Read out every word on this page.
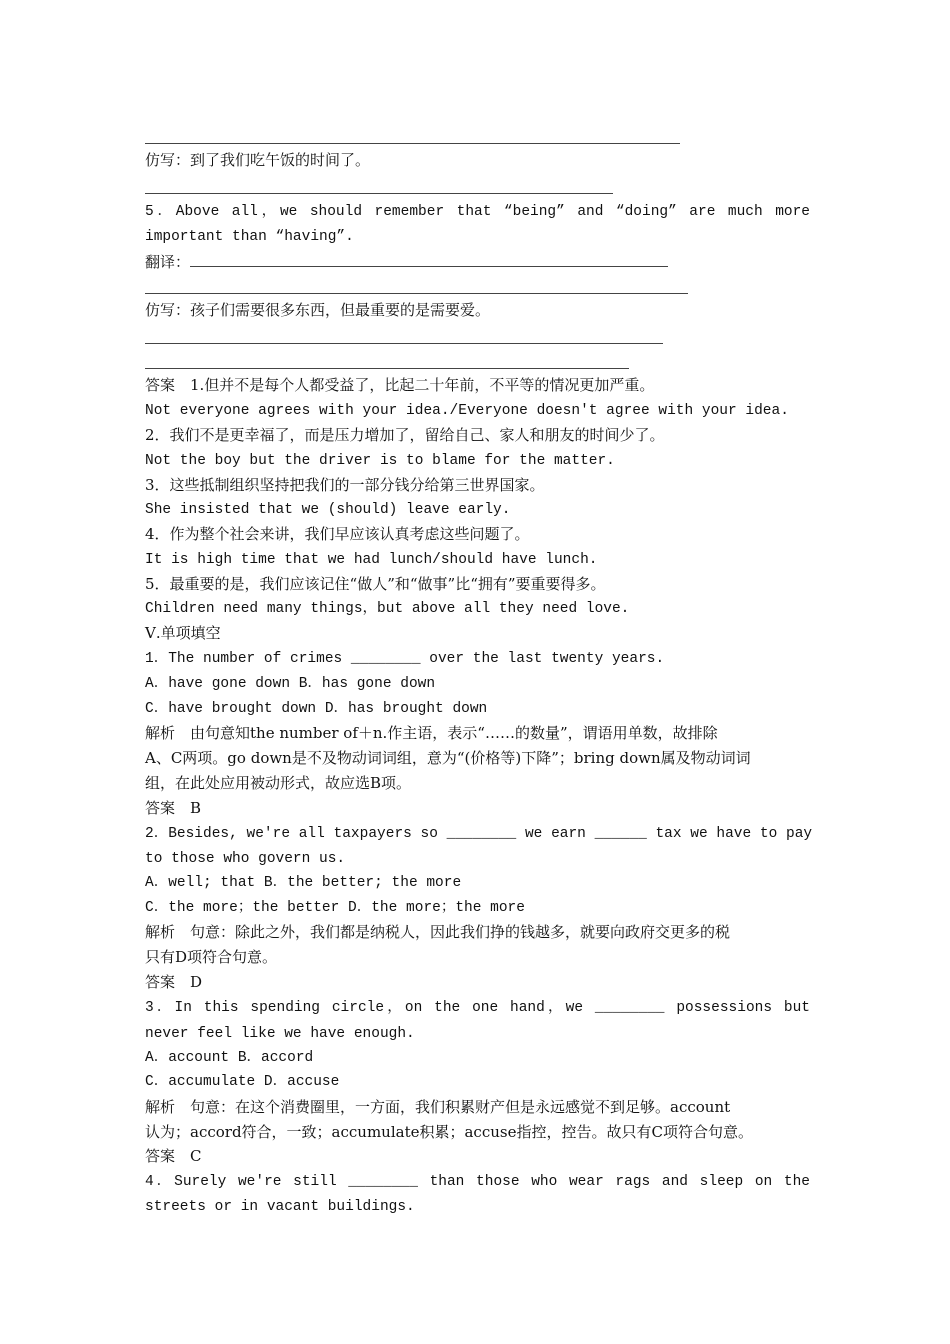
仿写：到了我们吃午饭的时间了。
5．Above all，we should remember that “being” and “doing” are much more
important than “having”.
翻译：
仿写：孩子们需要很多东西，但最重要的是需要爱。
答案　1.但并不是每个人都受益了，比起二十年前，不平等的情况更加严重。
Not everyone agrees with your idea./Everyone doesn't agree with your idea.
2．我们不是更幸福了，而是压力增加了，留给自己、家人和朋友的时间少了。
Not the boy but the driver is to blame for the matter.
3．这些抵制组织坚持把我们的一部分钱分给第三世界国家。
She insisted that we (should) leave early.
4．作为整个社会来讲，我们早应该认真考虑这些问题了。
It is high time that we had lunch/should have lunch.
5．最重要的是，我们应该记住“做人”和“做事”比“拥有”要重要得多。
Children need many things，but above all they need love.
Ⅴ.单项填空
1．The number of crimes ________ over the last twenty years.
A．have gone down B．has gone down
C．have brought down D．has brought down
解析　由句意知the number of＋n.作主语，表示“……的数量”，谓语用单数，故排除
A、C两项。go down是不及物动词词组，意为“(价格等)下降”；bring down属及物动词词
组，在此处应用被动形式，故应选B项。
答案　B
2．Besides, we're all taxpayers so ________ we earn ______ tax we have to pay
to those who govern us.
A．well; that B．the better; the more
C．the more；the better D．the more；the more
解析　句意：除此之外，我们都是纳税人，因此我们挣的钱越多，就要向政府交更多的税
只有D项符合句意。
答案　D
3．In this spending circle，on the one hand，we ________ possessions but
never feel like we have enough.
A．account B．accord
C．accumulate D．accuse
解析　句意：在这个消费圈里，一方面，我们积累财产但是永远感觉不到足够。account
认为；accord符合，一致；accumulate积累；accuse指控，控告。故只有C项符合句意。
答案　C
4．Surely we're still ________ than those who wear rags and sleep on the
streets or in vacant buildings.
